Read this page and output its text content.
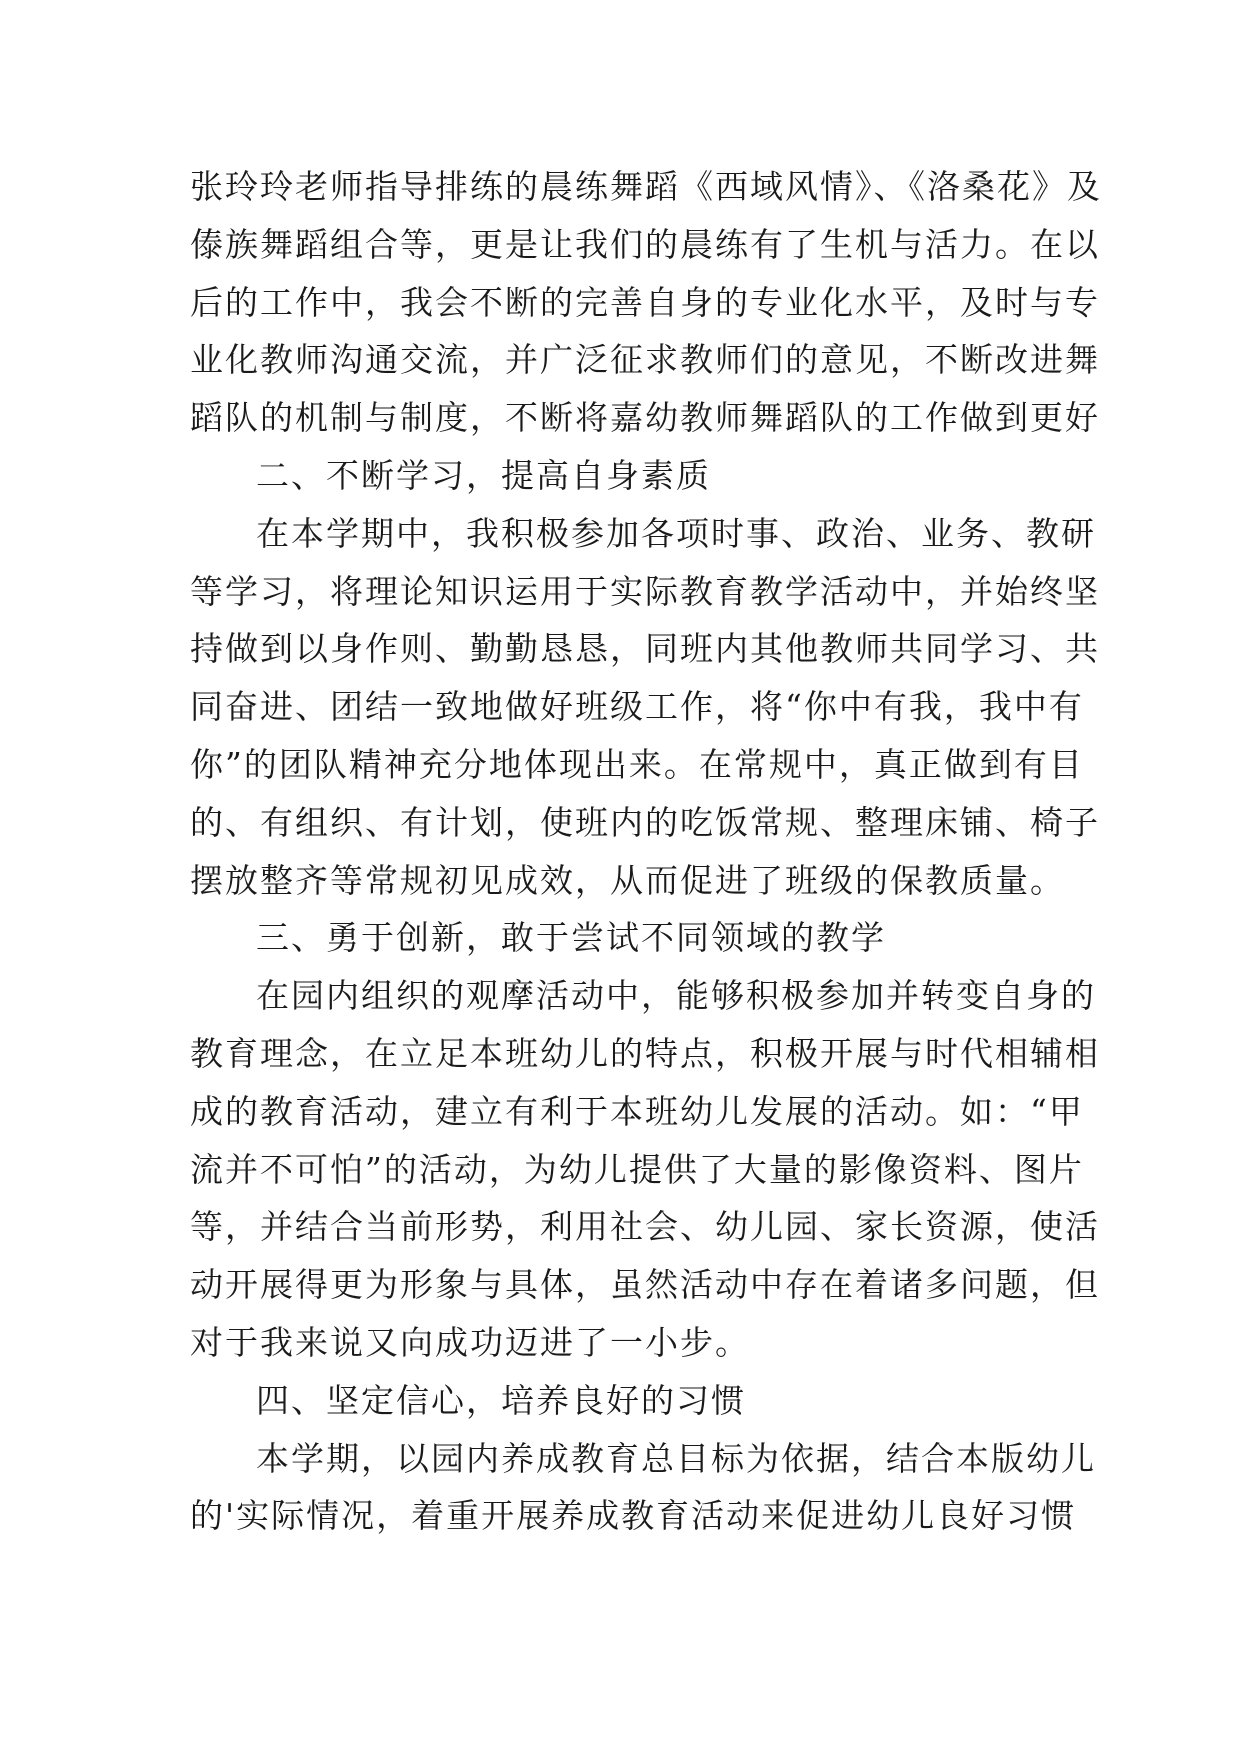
张玲玲老师指导排练的晨练舞蹈《西域风情》、《洛桑花》及
傣族舞蹈组合等，更是让我们的晨练有了生机与活力。在以
后的工作中，我会不断的完善自身的专业化水平，及时与专
业化教师沟通交流，并广泛征求教师们的意见，不断改进舞
蹈队的机制与制度，不断将嘉幼教师舞蹈队的工作做到更好
二、不断学习，提高自身素质
在本学期中，我积极参加各项时事、政治、业务、教研
等学习，将理论知识运用于实际教育教学活动中，并始终坚
持做到以身作则、勤勤恳恳，同班内其他教师共同学习、共
同奋进、团结一致地做好班级工作，将“你中有我，我中有
你”的团队精神充分地体现出来。在常规中，真正做到有目
的、有组织、有计划，使班内的吃饭常规、整理床铺、椅子
摆放整齐等常规初见成效，从而促进了班级的保教质量。
三、勇于创新，敢于尝试不同领域的教学
在园内组织的观摩活动中，能够积极参加并转变自身的
教育理念，在立足本班幼儿的特点，积极开展与时代相辅相
成的教育活动，建立有利于本班幼儿发展的活动。如：“甲
流并不可怕”的活动，为幼儿提供了大量的影像资料、图片
等，并结合当前形势，利用社会、幼儿园、家长资源，使活
动开展得更为形象与具体，虽然活动中存在着诸多问题，但
对于我来说又向成功迈进了一小步。
四、坚定信心，培养良好的习惯
本学期，以园内养成教育总目标为依据，结合本版幼儿
的'实际情况，着重开展养成教育活动来促进幼儿良好习惯
